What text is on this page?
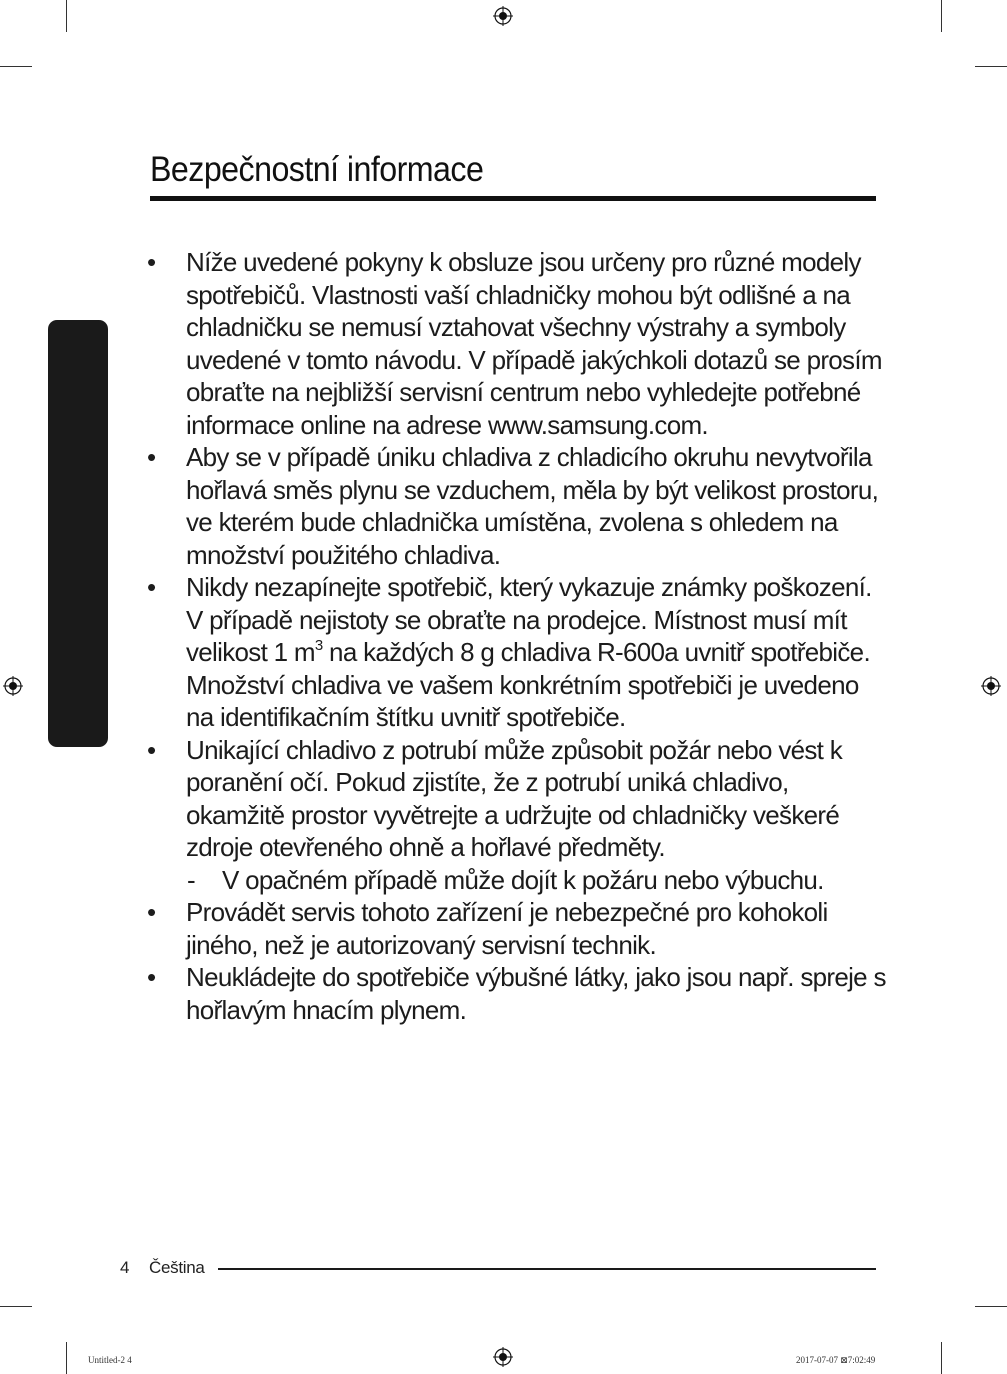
Bezpečnostní informace
Bezpečnostní informace
• Níže uvedené pokyny k obsluze jsou určeny pro různé modely spotřebičů. Vlastnosti vaší chladničky mohou být odlišné a na chladničku se nemusí vztahovat všechny výstrahy a symboly uvedené v tomto návodu. V případě jakýchkoli dotazů se prosím obraťte na nejbližší servisní centrum nebo vyhledejte potřebné informace online na adrese www.samsung.com.
• Aby se v případě úniku chladiva z chladicího okruhu nevytvořila hořlavá směs plynu se vzduchem, měla by být velikost prostoru, ve kterém bude chladnička umístěna, zvolena s ohledem na množství použitého chladiva.
• Nikdy nezapínejte spotřebič, který vykazuje známky poškození. V případě nejistoty se obraťte na prodejce. Místnost musí mít velikost 1 $m^3$ na každých 8 g chladiva R-600a uvnitř spotřebiče. Množství chladiva ve vašem konkrétním spotřebiči je uvedeno na identifikačním štítku uvnitř spotřebiče.
• Unikající chladivo z potrubí může způsobit požár nebo vést k poranění očí. Pokud zjistíte, že z potrubí uniká chladivo, okamžitě prostor vyvětrejte a udržujte od chladničky veškeré zdroje otevřeného ohně a hořlavé předměty.
- V opačném případě může dojít k požáru nebo výbuchu.
• Provádět servis tohoto zařízení je nebezpečné pro kohokoli jiného, než je autorizovaný servisní technik.
• Neukládejte do spotřebiče výbušné látky, jako jsou např. spreje s hořlavým hnacím plynem.
4 Čeština
Untitled-2 4	2017-07-07 ⊠7:02:49
